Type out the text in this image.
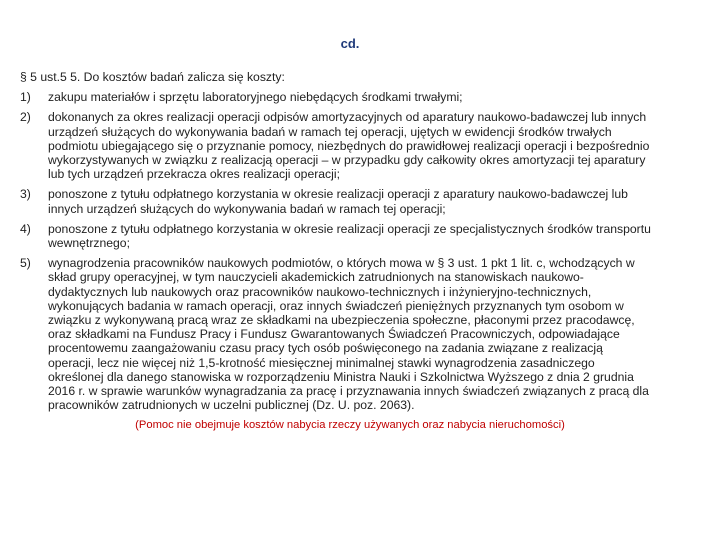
cd.

§ 5 ust.5 5. Do kosztów badań zalicza się koszty:

1)	zakupu materiałów i sprzętu laboratoryjnego niebędących środkami trwałymi;
2)	dokonanych za okres realizacji operacji odpisów amortyzacyjnych od aparatury naukowo-badawczej lub innych urządzeń służących do wykonywania badań w ramach tej operacji, ujętych w ewidencji środków trwałych podmiotu ubiegającego się o przyznanie pomocy, niezbędnych do prawidłowej realizacji operacji i bezpośrednio wykorzystywanych w związku z realizacją operacji – w przypadku gdy całkowity okres amortyzacji tej aparatury lub tych urządzeń przekracza okres realizacji operacji;
3)	ponoszone z tytułu odpłatnego korzystania w okresie realizacji operacji z aparatury naukowo-badawczej lub innych urządzeń służących do wykonywania badań w ramach tej operacji;
4)	ponoszone z tytułu odpłatnego korzystania w okresie realizacji operacji ze specjalistycznych środków transportu wewnętrznego;
5)	wynagrodzenia pracowników naukowych podmiotów, o których mowa w § 3 ust. 1 pkt 1 lit. c, wchodzących w skład grupy operacyjnej, w tym nauczycieli akademickich zatrudnionych na stanowiskach naukowo-dydaktycznych lub naukowych oraz pracowników naukowo-technicznych i inżynieryjno-technicznych, wykonujących badania w ramach operacji, oraz innych świadczeń pieniężnych przyznanych tym osobom w związku z wykonywaną pracą wraz ze składkami na ubezpieczenia społeczne, płaconymi przez pracodawcę, oraz składkami na Fundusz Pracy i Fundusz Gwarantowanych Świadczeń Pracowniczych, odpowiadające procentowemu zaangażowaniu czasu pracy tych osób poświęconego na zadania związane z realizacją operacji, lecz nie więcej niż 1,5-krotność miesięcznej minimalnej stawki wynagrodzenia zasadniczego określonej dla danego stanowiska w rozporządzeniu Ministra Nauki i Szkolnictwa Wyższego z dnia 2 grudnia 2016 r. w sprawie warunków wynagradzania za pracę i przyznawania innych świadczeń związanych z pracą dla pracowników zatrudnionych w uczelni publicznej (Dz. U. poz. 2063).
(Pomoc nie obejmuje kosztów nabycia rzeczy używanych oraz nabycia nieruchomości)
